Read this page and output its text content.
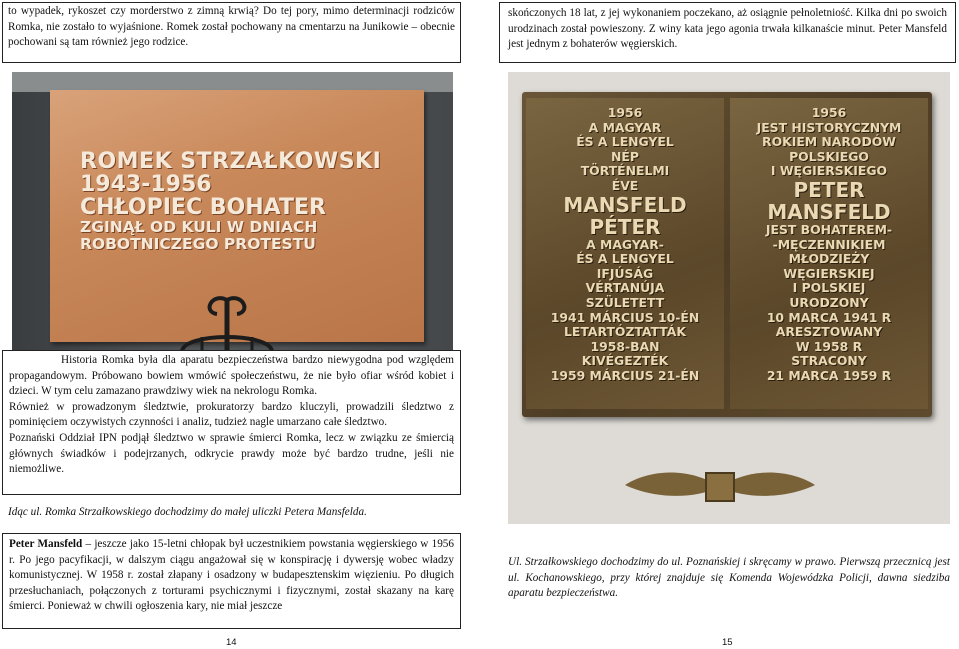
to wypadek, rykoszet czy morderstwo z zimną krwią? Do tej pory, mimo determinacji rodziców Romka, nie zostało to wyjaśnione. Romek został pochowany na cmentarzu na Junikowie – obecnie pochowani są tam również jego rodzice.

ROMEK STRZAŁKOWSKI
1943-1956
CHŁOPIEC BOHATER
ZGINĄŁ OD KULI W DNIACH
ROBOTNICZEGO PROTESTU

Historia Romka była dla aparatu bezpieczeństwa bardzo niewygodna pod względem propagandowym. Próbowano bowiem wmówić społeczeństwu, że nie było ofiar wśród kobiet i dzieci. W tym celu zamazano prawdziwy wiek na nekrologu Romka.

Również w prowadzonym śledztwie, prokuratorzy bardzo kluczyli, prowadzili śledztwo z pominięciem oczywistych czynności i analiz, tudzież nagle umarzano całe śledztwo.

Poznański Oddział IPN podjął śledztwo w sprawie śmierci Romka, lecz w związku ze śmiercią głównych świadków i podejrzanych, odkrycie prawdy może być bardzo trudne, jeśli nie niemożliwe.

Idąc ul. Romka Strzałkowskiego dochodzimy do małej uliczki Petera Mansfelda.

Peter Mansfeld – jeszcze jako 15-letni chłopak był uczestnikiem powstania węgierskiego w 1956 r. Po jego pacyfikacji, w dalszym ciągu angażował się w konspirację i dywersję wobec władzy komunistycznej. W 1958 r. został złapany i osadzony w budapesztenskim więzieniu. Po długich przesłuchaniach, połączonych z torturami psychicznymi i fizycznymi, został skazany na karę śmierci. Ponieważ w chwili ogłoszenia kary, nie miał jeszcze

14

skończonych 18 lat, z jej wykonaniem poczekano, aż osiągnie pełnoletniość. Kilka dni po swoich urodzinach został powieszony. Z winy kata jego agonia trwała kilkanaście minut. Peter Mansfeld jest jednym z bohaterów węgierskich.

1956
A MAGYAR
ÉS A LENGYEL
NÉP
TÖRTÉNELMI
ÉVE
MANSFELD
PÉTER
A MAGYAR-
ÉS A LENGYEL
IFJÚSÁG
VÉRTANÚJA
SZÜLETETT
1941 MÁRCIUS 10-ÉN
LETARTÓZTATTÁK
1958-BAN
KIVÉGEZTÉK
1959 MÁRCIUS 21-ÉN
1956
JEST HISTORYCZNYM
ROKIEM NARODÓW
POLSKIEGO
I WĘGIERSKIEGO
PETER
MANSFELD
JEST BOHATEREM-
-MĘCZENNIKIEM
MŁODZIEŻY
WĘGIERSKIEJ
I POLSKIEJ
URODZONY
10 MARCA 1941 R
ARESZTOWANY
W 1958 R
STRACONY
21 MARCA 1959 R
Ul. Strzałkowskiego dochodzimy do ul. Poznańskiej i skręcamy w prawo. Pierwszą przecznicą jest ul. Kochanowskiego, przy której znajduje się Komenda Wojewódzka Policji, dawna siedziba aparatu bezpieczeństwa.
15
